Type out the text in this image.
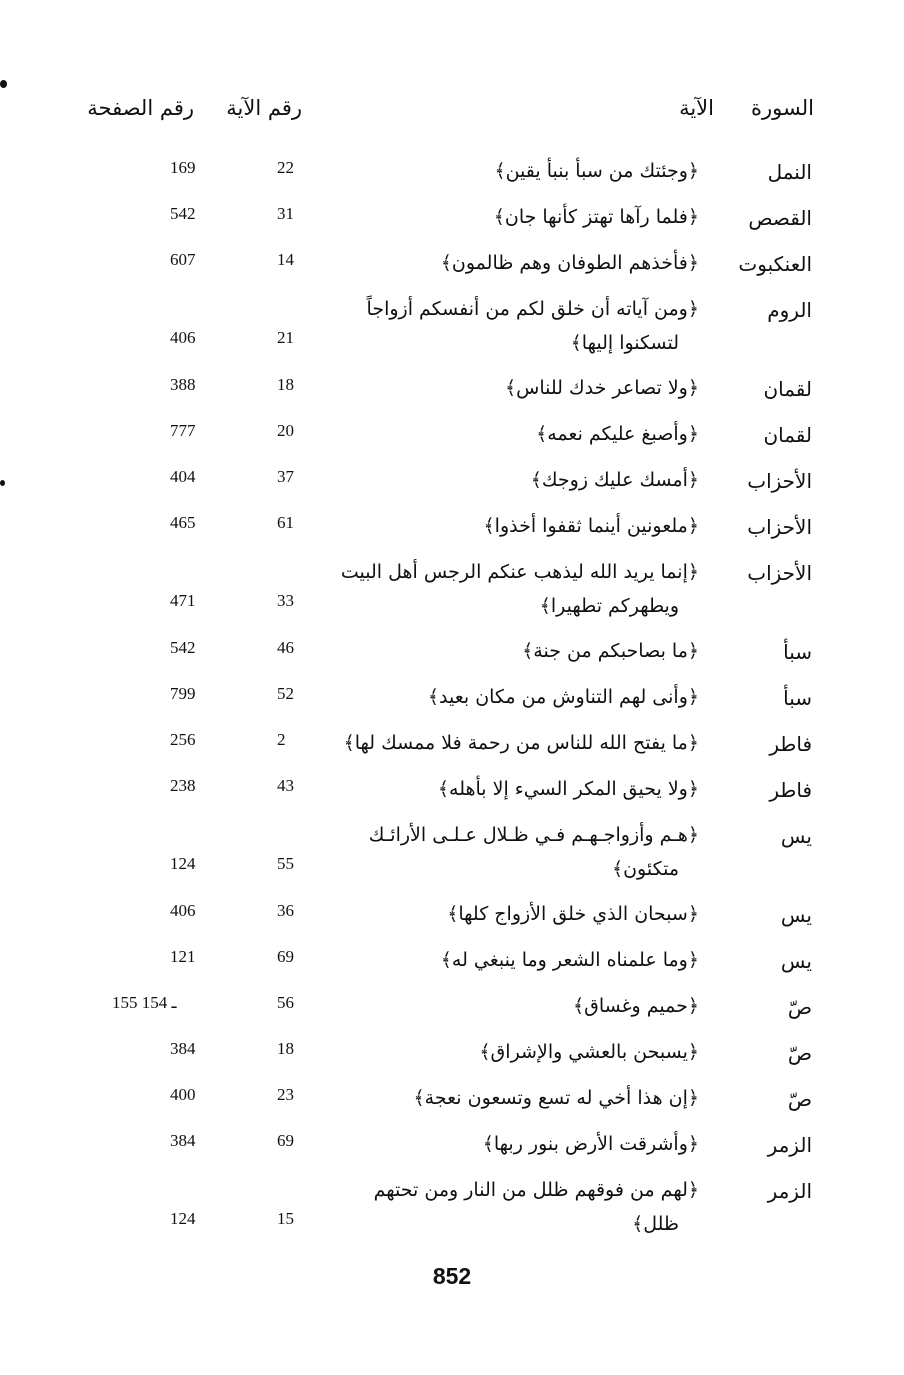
السورة
الآية
رقم الآية
رقم الصفحة
النمل
﴿وجئتك من سبأ بنبأ يقين﴾
22
169
القصص
﴿فلما رآها تهتز كأنها جان﴾
31
542
العنكبوت
﴿فأخذهم الطوفان وهم ظالمون﴾
14
607
الروم
﴿ومن آياته أن خلق لكم من أنفسكم أزواجاً
لتسكنوا إليها﴾
21
406
لقمان
﴿ولا تصاعر خدك للناس﴾
18
388
لقمان
﴿وأصبغ عليكم نعمه﴾
20
777
الأحزاب
﴿أمسك عليك زوجك﴾
37
404
الأحزاب
﴿ملعونين أينما ثقفوا أخذوا﴾
61
465
الأحزاب
﴿إنما يريد الله ليذهب عنكم الرجس أهل البيت
ويطهركم تطهيرا﴾
33
471
سبأ
﴿ما بصاحبكم من جنة﴾
46
542
سبأ
﴿وأنى لهم التناوش من مكان بعيد﴾
52
799
فاطر
﴿ما يفتح الله للناس من رحمة فلا ممسك لها﴾
2
256
فاطر
﴿ولا يحيق المكر السيء إلا بأهله﴾
43
238
يس
﴿هـم وأزواجـهـم فـي ظـلال عـلـى الأرائـك
متكئون﴾
55
124
يس
﴿سبحان الذي خلق الأزواج كلها﴾
36
406
يس
﴿وما علمناه الشعر وما ينبغي له﴾
69
121
صّ
﴿حميم وغساق﴾
56
155 ـ 154
صّ
﴿يسبحن بالعشي والإشراق﴾
18
384
صّ
﴿إن هذا أخي له تسع وتسعون نعجة﴾
23
400
الزمر
﴿وأشرقت الأرض بنور ربها﴾
69
384
الزمر
﴿لهم من فوقهم ظلل من النار ومن تحتهم
ظلل﴾
15
124
852
